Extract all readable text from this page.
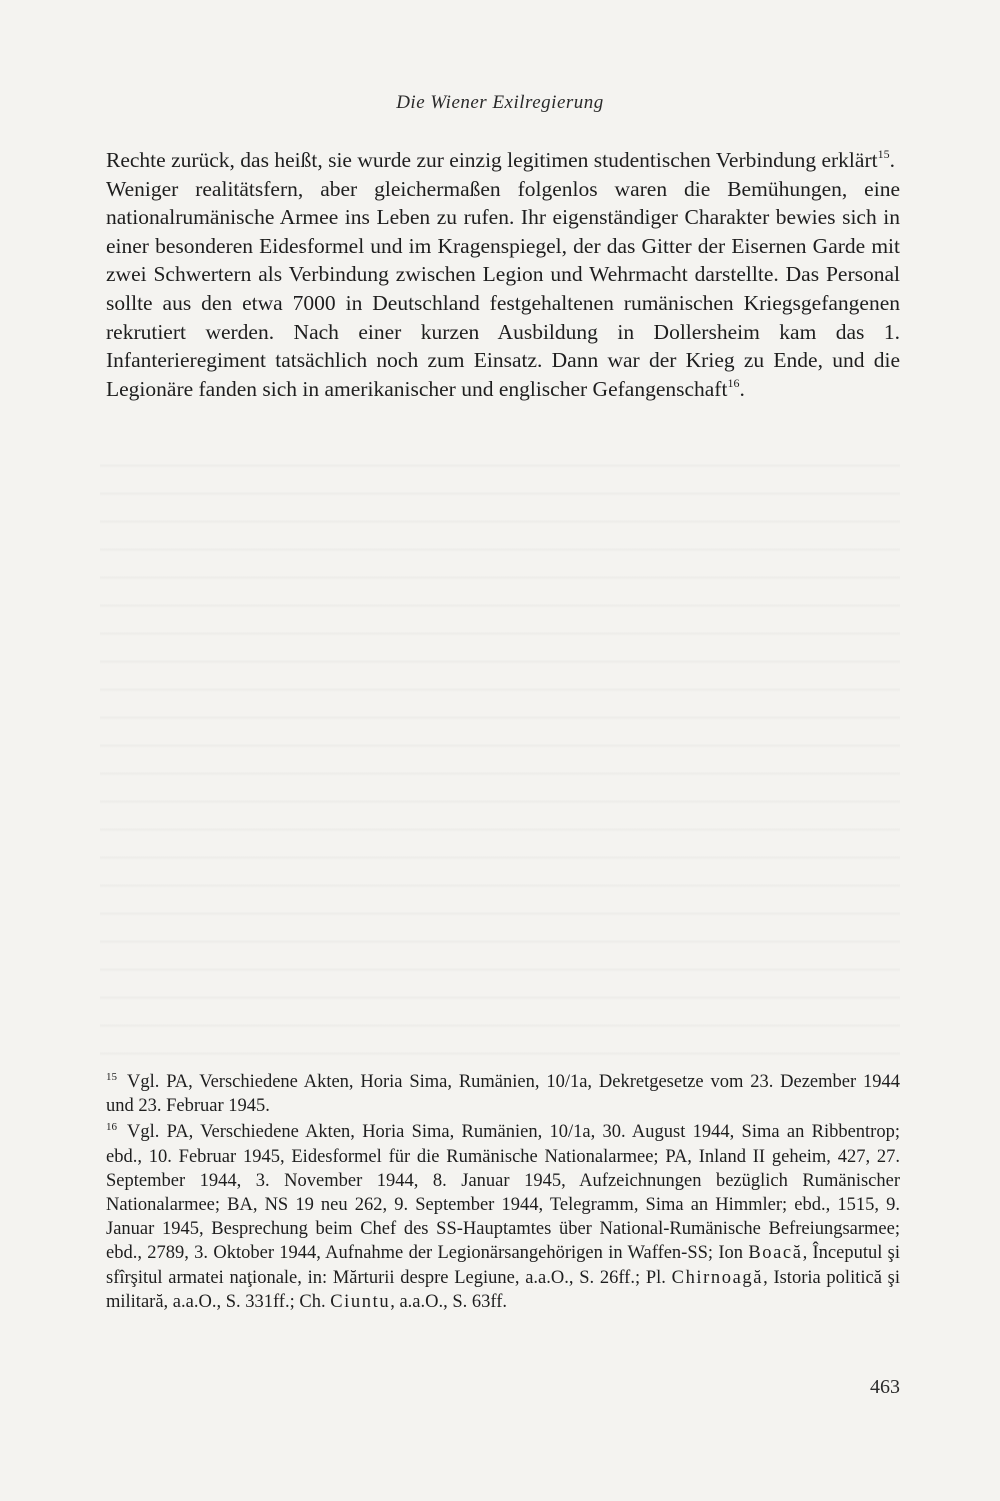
Die Wiener Exilregierung

Rechte zurück, das heißt, sie wurde zur einzig legitimen studentischen Verbindung erklärt$^{15}$.

Weniger realitätsfern, aber gleichermaßen folgenlos waren die Bemühungen, eine nationalrumänische Armee ins Leben zu rufen. Ihr eigenständiger Charakter bewies sich in einer besonderen Eidesformel und im Kragenspiegel, der das Gitter der Eisernen Garde mit zwei Schwertern als Verbindung zwischen Legion und Wehrmacht darstellte. Das Personal sollte aus den etwa 7000 in Deutschland festgehaltenen rumänischen Kriegsgefangenen rekrutiert werden. Nach einer kurzen Ausbildung in Dollersheim kam das 1. Infanterieregiment tatsächlich noch zum Einsatz. Dann war der Krieg zu Ende, und die Legionäre fanden sich in amerikanischer und englischer Gefangenschaft$^{16}$.

$^{15}$ Vgl. PA, Verschiedene Akten, Horia Sima, Rumänien, 10/1a, Dekretgesetze vom 23. Dezember 1944 und 23. Februar 1945.

$^{16}$ Vgl. PA, Verschiedene Akten, Horia Sima, Rumänien, 10/1a, 30. August 1944, Sima an Ribbentrop; ebd., 10. Februar 1945, Eidesformel für die Rumänische Nationalarmee; PA, Inland II geheim, 427, 27. September 1944, 3. November 1944, 8. Januar 1945, Aufzeichnungen bezüglich Rumänischer Nationalarmee; BA, NS 19 neu 262, 9. September 1944, Telegramm, Sima an Himmler; ebd., 1515, 9. Januar 1945, Besprechung beim Chef des SS-Hauptamtes über National-Rumänische Befreiungsarmee; ebd., 2789, 3. Oktober 1944, Aufnahme der Legionärsangehörigen in Waffen-SS; Ion Boacă, Începutul şi sfîrşitul armatei naţionale, in: Mărturii despre Legiune, a.a.O., S. 26ff.; Pl. Chirnoagă, Istoria politică şi militară, a.a.O., S. 331ff.; Ch. Ciuntu, a.a.O., S. 63ff.

463
